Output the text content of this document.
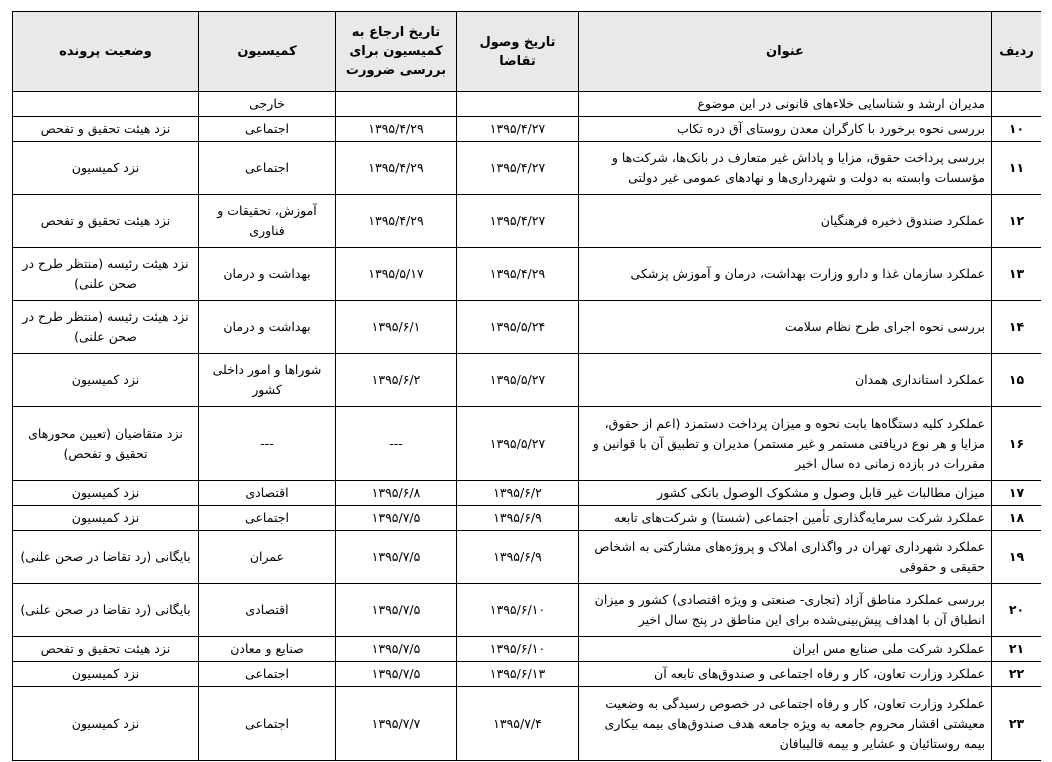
ردیف	عنوان	تاریخ وصول تقاضا	تاریخ ارجاع به کمیسیون برای بررسی ضرورت	کمیسیون	وضعیت پرونده
	مدیران ارشد و شناسایی خلاءهای قانونی در این موضوع			خارجی	
۱۰	بررسی نحوه برخورد با کارگران معدن روستای آق دره تکاب	۱۳۹۵/۴/۲۷	۱۳۹۵/۴/۲۹	اجتماعی	نزد هیئت تحقیق و تفحص
۱۱	بررسی پرداخت حقوق، مزایا و پاداش غیر متعارف در بانک‌ها، شرکت‌ها و مؤسسات وابسته به دولت و شهرداری‌ها و نهادهای عمومی غیر دولتی	۱۳۹۵/۴/۲۷	۱۳۹۵/۴/۲۹	اجتماعی	نزد کمیسیون
۱۲	عملکرد صندوق ذخیره فرهنگیان	۱۳۹۵/۴/۲۷	۱۳۹۵/۴/۲۹	آموزش، تحقیقات و فناوری	نزد هیئت تحقیق و تفحص
۱۳	عملکرد سازمان غذا و دارو وزارت بهداشت، درمان و آموزش پزشکی	۱۳۹۵/۴/۲۹	۱۳۹۵/۵/۱۷	بهداشت و درمان	نزد هیئت رئیسه (منتظر طرح در صحن علنی)
۱۴	بررسی نحوه اجرای طرح نظام سلامت	۱۳۹۵/۵/۲۴	۱۳۹۵/۶/۱	بهداشت و درمان	نزد هیئت رئیسه (منتظر طرح در صحن علنی)
۱۵	عملکرد استانداری همدان	۱۳۹۵/۵/۲۷	۱۳۹۵/۶/۲	شوراها و امور داخلی کشور	نزد کمیسیون
۱۶	عملکرد کلیه دستگاه‌ها بابت نحوه و میزان پرداخت دستمزد (اعم از حقوق، مزایا و هر نوع دریافتی مستمر و غیر مستمر) مدیران و تطبیق آن با قوانین و مقررات در بازده زمانی ده سال اخیر	۱۳۹۵/۵/۲۷	---	---	نزد متقاضیان (تعیین محورهای تحقیق و تفحص)
۱۷	میزان مطالبات غیر قابل وصول و مشکوک الوصول بانکی کشور	۱۳۹۵/۶/۲	۱۳۹۵/۶/۸	اقتصادی	نزد کمیسیون
۱۸	عملکرد شرکت سرمایه‌گذاری تأمین اجتماعی (شستا) و شرکت‌های تابعه	۱۳۹۵/۶/۹	۱۳۹۵/۷/۵	اجتماعی	نزد کمیسیون
۱۹	عملکرد شهرداری تهران در واگذاری املاک و پروژه‌های مشارکتی به اشخاص حقیقی و حقوقی	۱۳۹۵/۶/۹	۱۳۹۵/۷/۵	عمران	بایگانی (رد تقاضا در صحن علنی)
۲۰	بررسی عملکرد مناطق آزاد (تجاری- صنعتی و ویژه اقتصادی) کشور و میزان انطباق آن با اهداف پیش‌بینی‌شده برای این مناطق در پنج سال اخیر	۱۳۹۵/۶/۱۰	۱۳۹۵/۷/۵	اقتصادی	بایگانی (رد تقاضا در صحن علنی)
۲۱	عملکرد شرکت ملی صنایع مس ایران	۱۳۹۵/۶/۱۰	۱۳۹۵/۷/۵	صنایع و معادن	نزد هیئت تحقیق و تفحص
۲۲	عملکرد وزارت تعاون، کار و رفاه اجتماعی و صندوق‌های تابعه آن	۱۳۹۵/۶/۱۳	۱۳۹۵/۷/۵	اجتماعی	نزد کمیسیون
۲۳	عملکرد وزارت تعاون، کار و رفاه اجتماعی در خصوص رسیدگی به وضعیت معیشتی اقشار محروم جامعه به ویژه جامعه هدف صندوق‌های بیمه بیکاری بیمه روستائیان و عشایر و بیمه قالیبافان	۱۳۹۵/۷/۴	۱۳۹۵/۷/۷	اجتماعی	نزد کمیسیون
